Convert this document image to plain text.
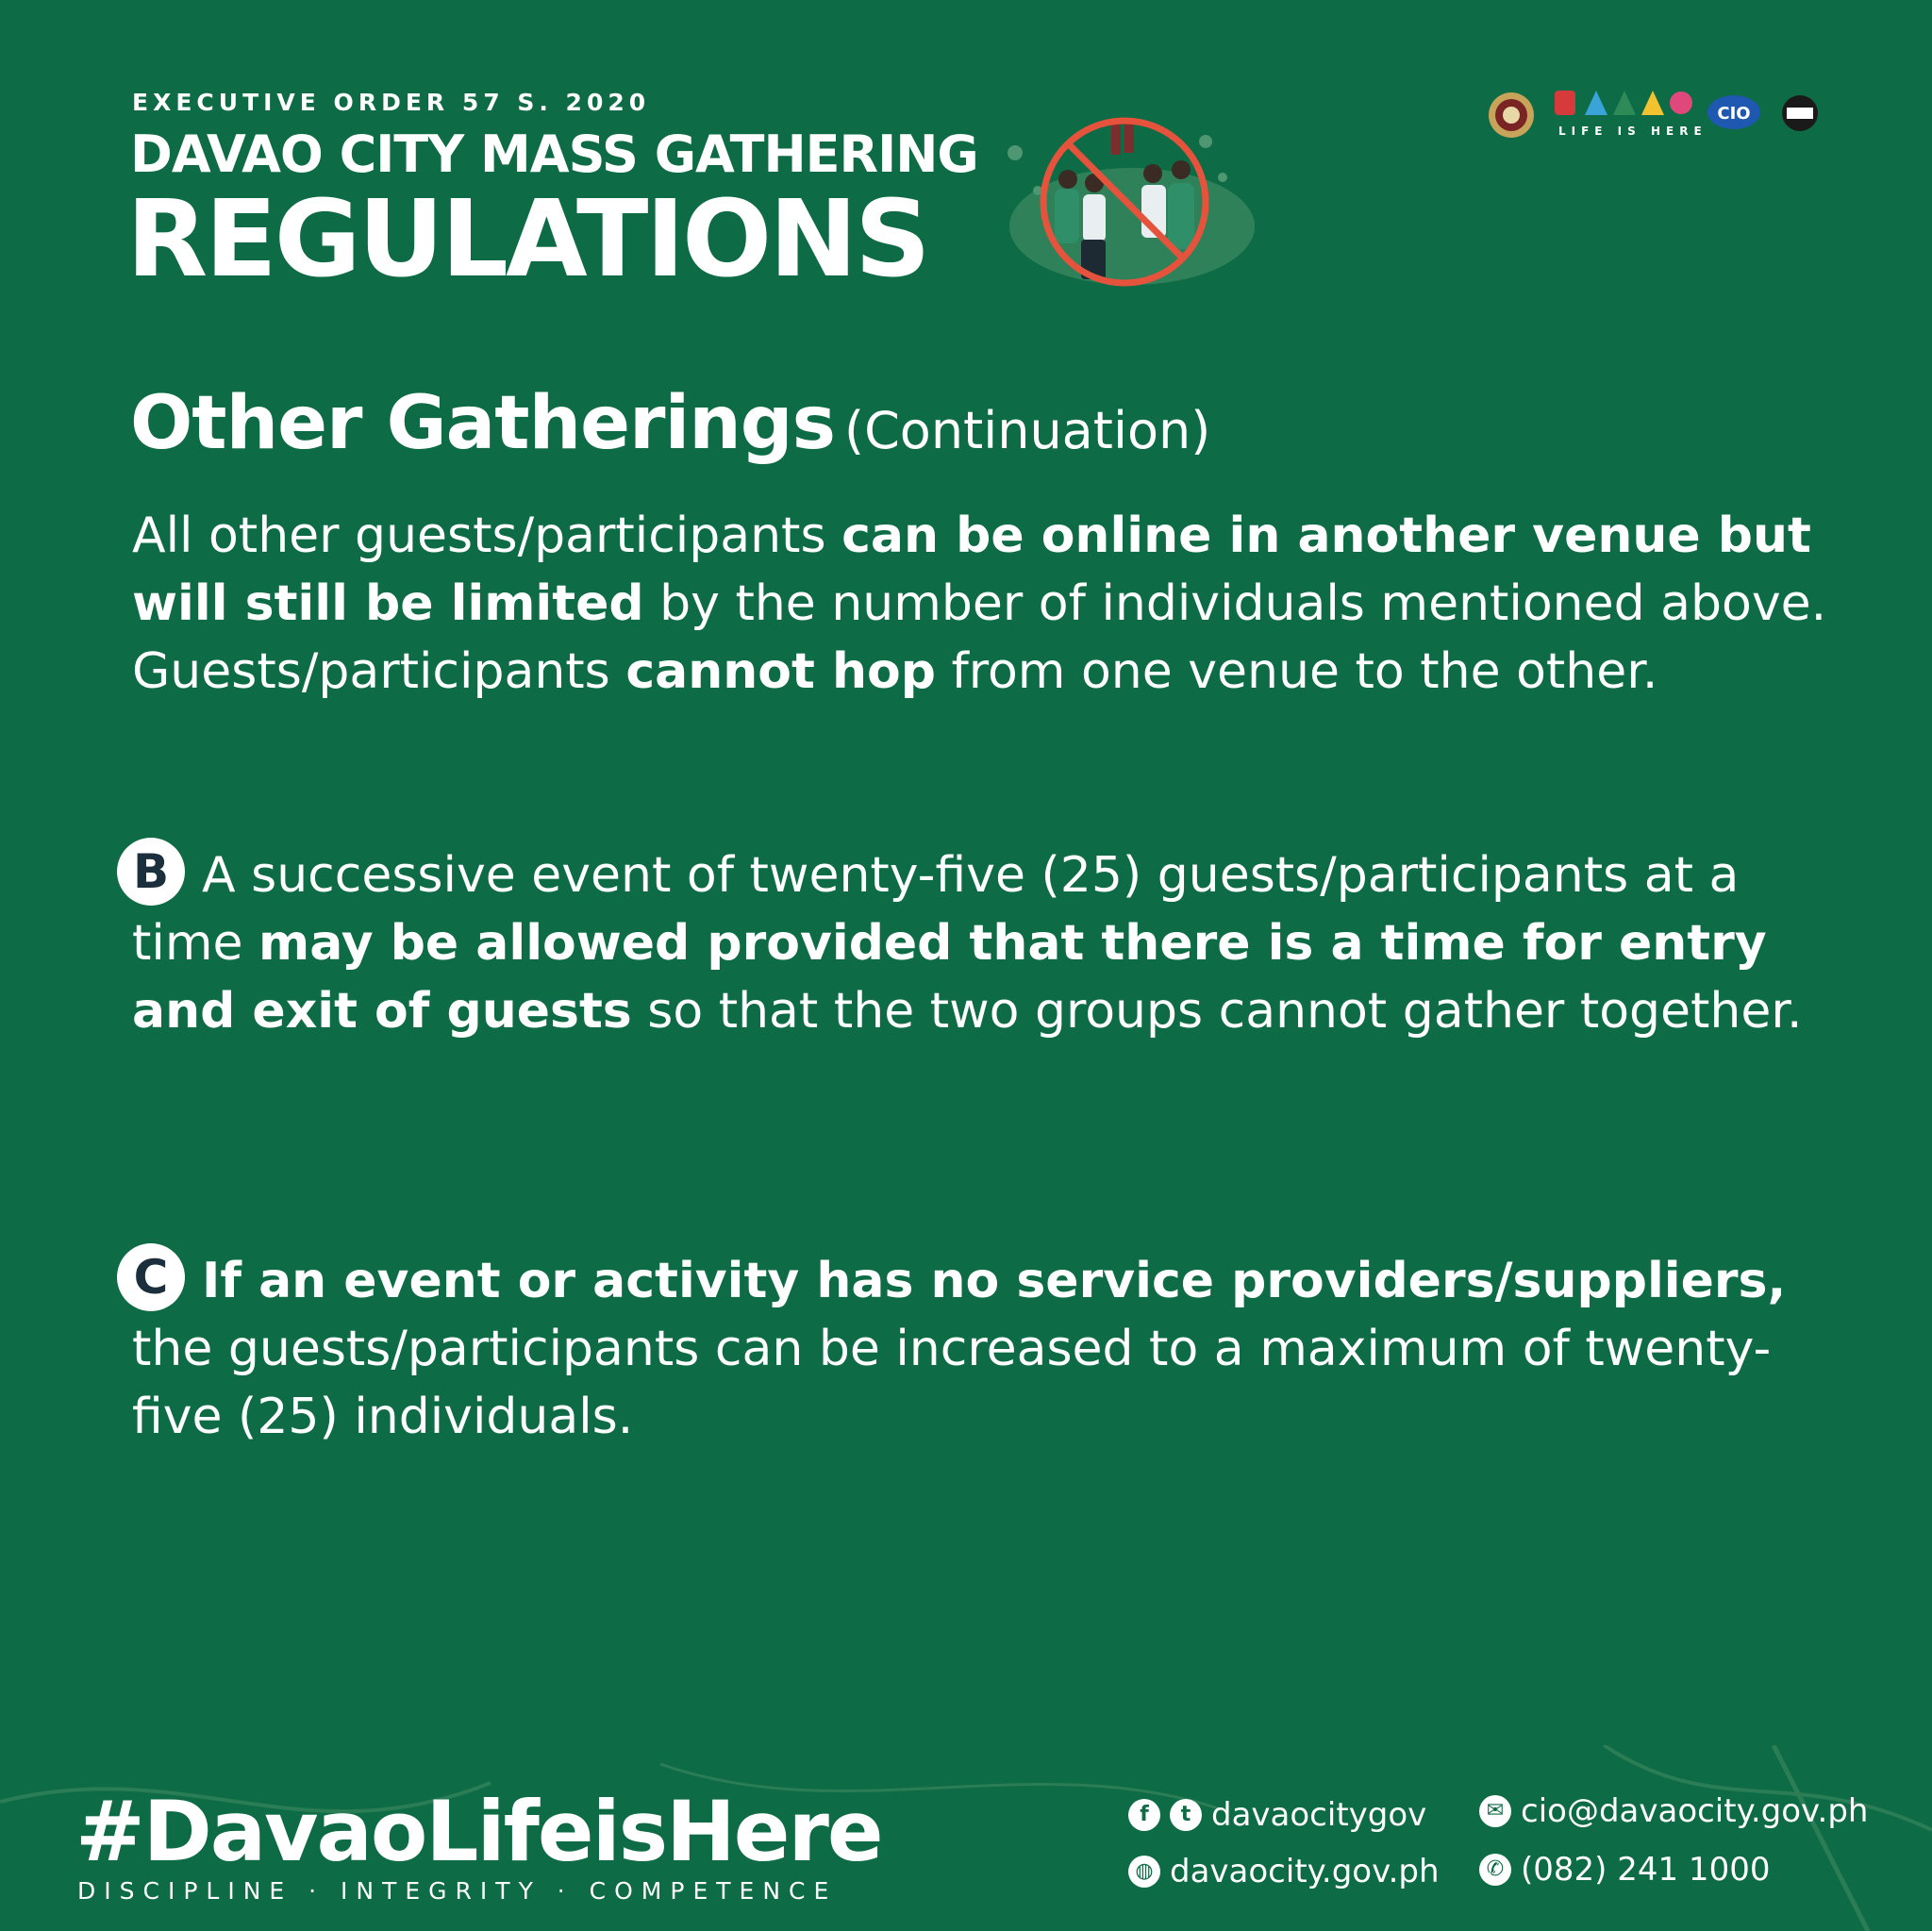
EXECUTIVE ORDER 57 S. 2020
DAVAO CITY MASS GATHERING
REGULATIONS
LIFE IS HERE
CIO
Other Gatherings (Continuation)
All other guests/participants can be online in another venue but will still be limited by the number of individuals mentioned above. Guests/participants cannot hop from one venue to the other.
B A successive event of twenty-five (25) guests/participants at a time may be allowed provided that there is a time for entry and exit of guests so that the two groups cannot gather together.
C If an event or activity has no service providers/suppliers, the guests/participants can be increased to a maximum of twenty-five (25) individuals.
#DavaoLifeisHere
DISCIPLINE · INTEGRITY · COMPETENCE
f	t davaocitygov
◍ davaocity.gov.ph
✉ cio@davaocity.gov.ph
✆ (082) 241 1000
